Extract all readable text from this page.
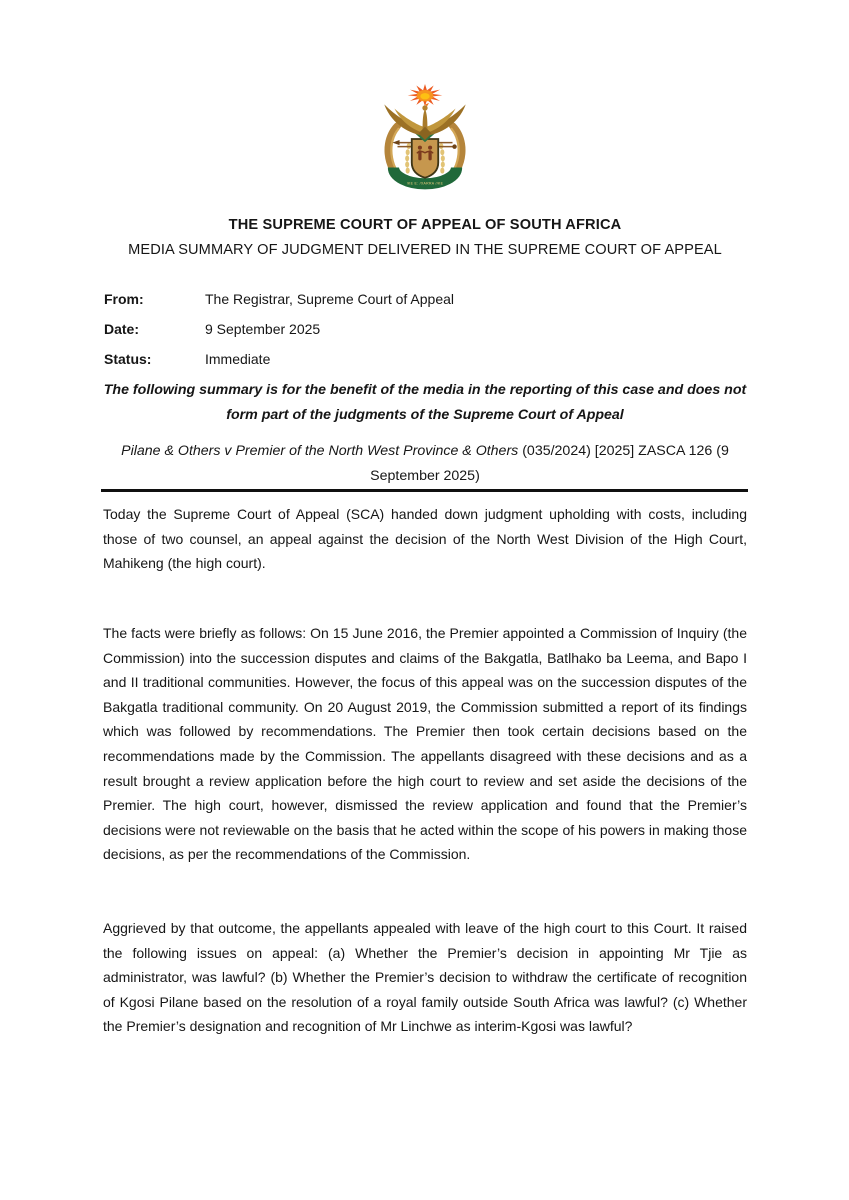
!KE E: /XARRA //KE
THE SUPREME COURT OF APPEAL OF SOUTH AFRICA
MEDIA SUMMARY OF JUDGMENT DELIVERED IN THE SUPREME COURT OF APPEAL
From:	The Registrar, Supreme Court of Appeal
Date:	9 September 2025
Status:	Immediate
The following summary is for the benefit of the media in the reporting of this case and does not form part of the judgments of the Supreme Court of Appeal
Pilane & Others v Premier of the North West Province & Others (035/2024) [2025] ZASCA 126 (9 September 2025)
Today the Supreme Court of Appeal (SCA) handed down judgment upholding with costs, including those of two counsel, an appeal against the decision of the North West Division of the High Court, Mahikeng (the high court).
The facts were briefly as follows: On 15 June 2016, the Premier appointed a Commission of Inquiry (the Commission) into the succession disputes and claims of the Bakgatla, Batlhako ba Leema, and Bapo I and II traditional communities. However, the focus of this appeal was on the succession disputes of the Bakgatla traditional community. On 20 August 2019, the Commission submitted a report of its findings which was followed by recommendations. The Premier then took certain decisions based on the recommendations made by the Commission. The appellants disagreed with these decisions and as a result brought a review application before the high court to review and set aside the decisions of the Premier. The high court, however, dismissed the review application and found that the Premier’s decisions were not reviewable on the basis that he acted within the scope of his powers in making those decisions, as per the recommendations of the Commission.
Aggrieved by that outcome, the appellants appealed with leave of the high court to this Court. It raised the following issues on appeal: (a) Whether the Premier’s decision in appointing Mr Tjie as administrator, was lawful? (b) Whether the Premier’s decision to withdraw the certificate of recognition of Kgosi Pilane based on the resolution of a royal family outside South Africa was lawful? (c) Whether the Premier’s designation and recognition of Mr Linchwe as interim-Kgosi was lawful?
